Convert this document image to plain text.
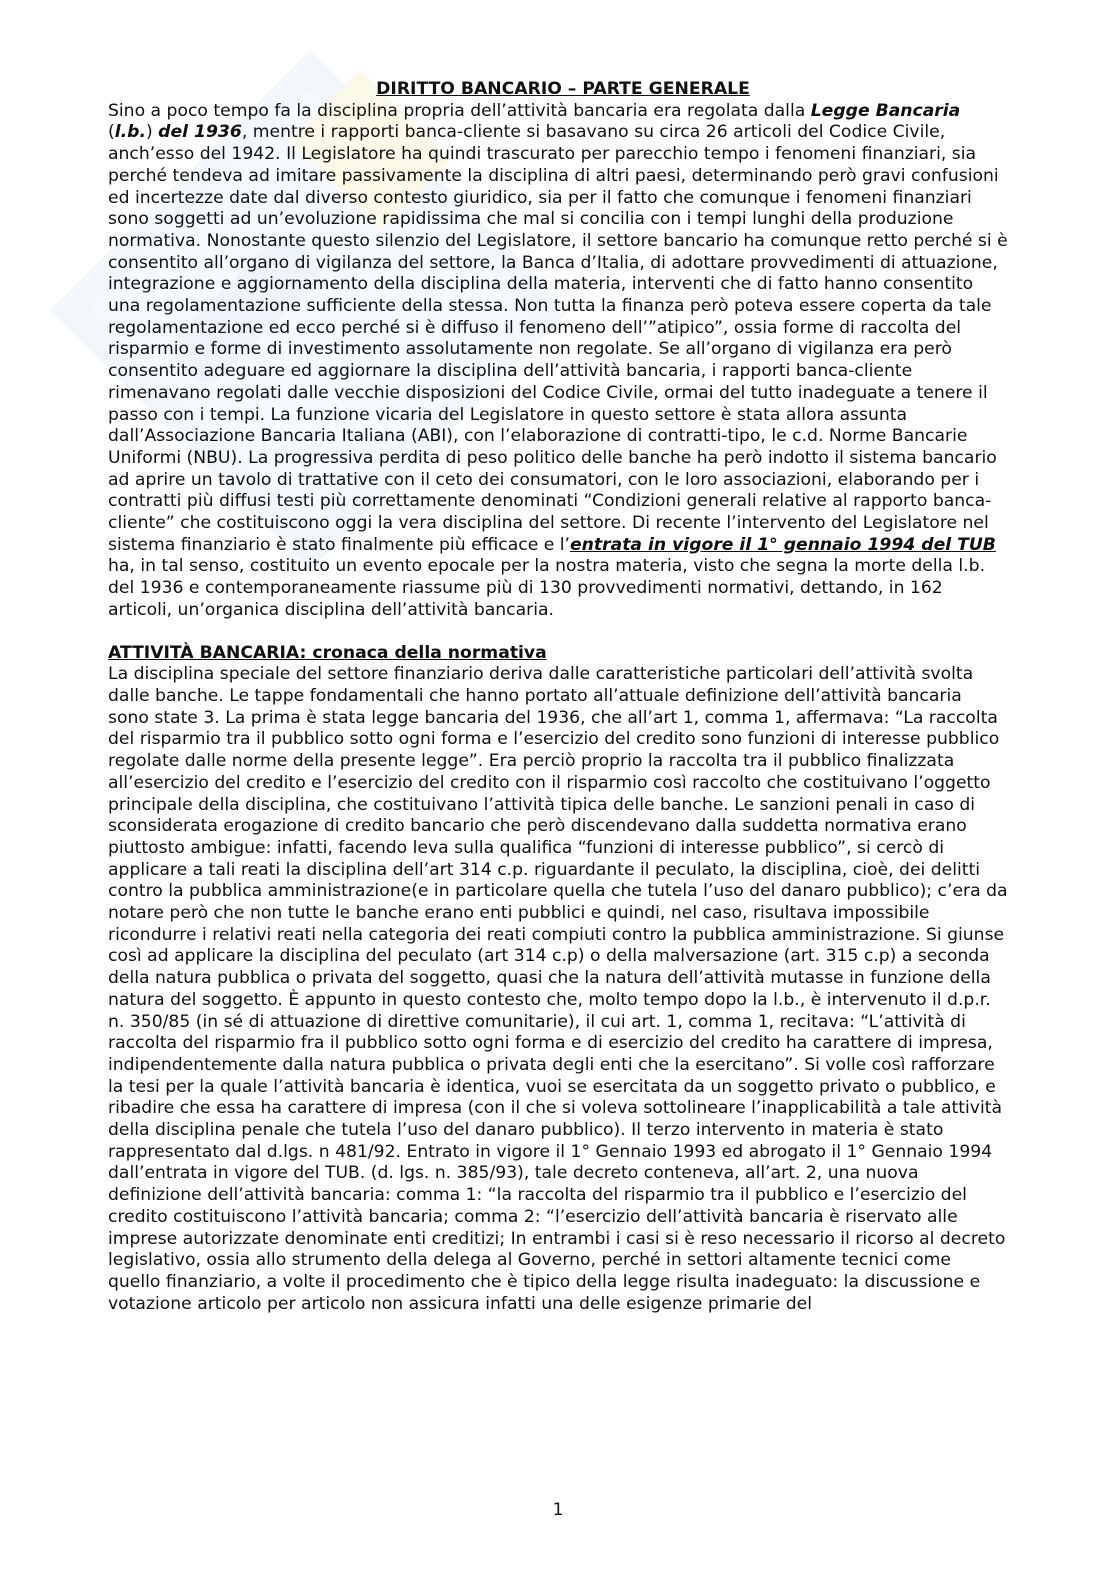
DIRITTO BANCARIO – PARTE GENERALE

Sino a poco tempo fa la disciplina propria dell’attività bancaria era regolata dalla Legge Bancaria (l.b.) del 1936, mentre i rapporti banca-cliente si basavano su circa 26 articoli del Codice Civile, anch’esso del 1942. Il Legislatore ha quindi trascurato per parecchio tempo i fenomeni finanziari, sia perché tendeva ad imitare passivamente la disciplina di altri paesi, determinando però gravi confusioni ed incertezze date dal diverso contesto giuridico, sia per il fatto che comunque i fenomeni finanziari sono soggetti ad un’evoluzione rapidissima che mal si concilia con i tempi lunghi della produzione normativa. Nonostante questo silenzio del Legislatore, il settore bancario ha comunque retto perché si è consentito all’organo di vigilanza del settore, la Banca d’Italia, di adottare provvedimenti di attuazione, integrazione e aggiornamento della disciplina della materia, interventi che di fatto hanno consentito una regolamentazione sufficiente della stessa. Non tutta la finanza però poteva essere coperta da tale regolamentazione ed ecco perché si è diffuso il fenomeno dell’”atipico”, ossia forme di raccolta del risparmio e forme di investimento assolutamente non regolate. Se all’organo di vigilanza era però consentito adeguare ed aggiornare la disciplina dell’attività bancaria, i rapporti banca-cliente rimenavano regolati dalle vecchie disposizioni del Codice Civile, ormai del tutto inadeguate a tenere il passo con i tempi. La funzione vicaria del Legislatore in questo settore è stata allora assunta dall’Associazione Bancaria Italiana (ABI), con l’elaborazione di contratti-tipo, le c.d. Norme Bancarie Uniformi (NBU). La progressiva perdita di peso politico delle banche ha però indotto il sistema bancario ad aprire un tavolo di trattative con il ceto dei consumatori, con le loro associazioni, elaborando per i contratti più diffusi testi più correttamente denominati “Condizioni generali relative al rapporto banca-cliente” che costituiscono oggi la vera disciplina del settore. Di recente l’intervento del Legislatore nel sistema finanziario è stato finalmente più efficace e l’entrata in vigore il 1° gennaio 1994 del TUB ha, in tal senso, costituito un evento epocale per la nostra materia, visto che segna la morte della l.b. del 1936 e contemporaneamente riassume più di 130 provvedimenti normativi, dettando, in 162 articoli, un’organica disciplina dell’attività bancaria.

ATTIVITÀ BANCARIA: cronaca della normativa

La disciplina speciale del settore finanziario deriva dalle caratteristiche particolari dell’attività svolta dalle banche. Le tappe fondamentali che hanno portato all’attuale definizione dell’attività bancaria sono state 3. La prima è stata legge bancaria del 1936, che all’art 1, comma 1, affermava: “La raccolta del risparmio tra il pubblico sotto ogni forma e l’esercizio del credito sono funzioni di interesse pubblico regolate dalle norme della presente legge”. Era perciò proprio la raccolta tra il pubblico finalizzata all’esercizio del credito e l’esercizio del credito con il risparmio così raccolto che costituivano l’oggetto principale della disciplina, che costituivano l’attività tipica delle banche. Le sanzioni penali in caso di sconsiderata erogazione di credito bancario che però discendevano dalla suddetta normativa erano piuttosto ambigue: infatti, facendo leva sulla qualifica “funzioni di interesse pubblico”, si cercò di applicare a tali reati la disciplina dell’art 314 c.p. riguardante il peculato, la disciplina, cioè, dei delitti contro la pubblica amministrazione(e in particolare quella che tutela l’uso del danaro pubblico); c’era da notare però che non tutte le banche erano enti pubblici e quindi, nel caso, risultava impossibile ricondurre i relativi reati nella categoria dei reati compiuti contro la pubblica amministrazione. Si giunse così ad applicare la disciplina del peculato (art 314 c.p) o della malversazione (art. 315 c.p) a seconda della natura pubblica o privata del soggetto, quasi che la natura dell’attività mutasse in funzione della natura del soggetto. È appunto in questo contesto che, molto tempo dopo la l.b., è intervenuto il d.p.r. n. 350/85 (in sé di attuazione di direttive comunitarie), il cui art. 1, comma 1, recitava: “L’attività di raccolta del risparmio fra il pubblico sotto ogni forma e di esercizio del credito ha carattere di impresa, indipendentemente dalla natura pubblica o privata degli enti che la esercitano”. Si volle così rafforzare la tesi per la quale l’attività bancaria è identica, vuoi se esercitata da un soggetto privato o pubblico, e ribadire che essa ha carattere di impresa (con il che si voleva sottolineare l’inapplicabilità a tale attività della disciplina penale che tutela l’uso del danaro pubblico). Il terzo intervento in materia è stato rappresentato dal d.lgs. n 481/92. Entrato in vigore il 1° Gennaio 1993 ed abrogato il 1° Gennaio 1994 dall’entrata in vigore del TUB. (d. lgs. n. 385/93), tale decreto conteneva, all’art. 2, una nuova definizione dell’attività bancaria: comma 1: “la raccolta del risparmio tra il pubblico e l’esercizio del credito costituiscono l’attività bancaria; comma 2: “l’esercizio dell’attività bancaria è riservato alle imprese autorizzate denominate enti creditizi; In entrambi i casi si è reso necessario il ricorso al decreto legislativo, ossia allo strumento della delega al Governo, perché in settori altamente tecnici come quello finanziario, a volte il procedimento che è tipico della legge risulta inadeguato: la discussione e votazione articolo per articolo non assicura infatti una delle esigenze primarie del

1
